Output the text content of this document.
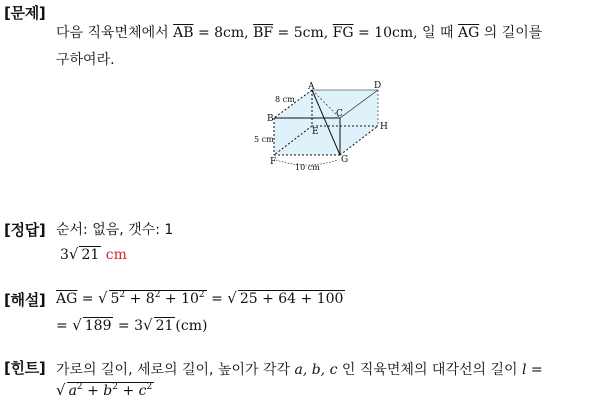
[문제]
다음 직육면체에서 $\overline{AB} = 8cm$, $\overline{BF} = 5cm$, $\overline{FG} = 10cm$, 일 때 $\overline{AG}$ 의 길이를
구하여라.
A	D
B	C
E	H
F	G
8 cm
5 cm
10 cm
[정답] 순서: 없음, 갯수: 1
3√ 21 cm
[해설] $\overline{AG}$ = √ $5^2 + 8^2 + 10^2$ = √ 25 + 64 + 100
= √ 189 = 3√ 21 (cm)
[힌트] 가로의 길이, 세로의 길이, 높이가 각각 a, b, c 인 직육면체의 대각선의 길이 l =
√ $a^2 + b^2 + c^2$
